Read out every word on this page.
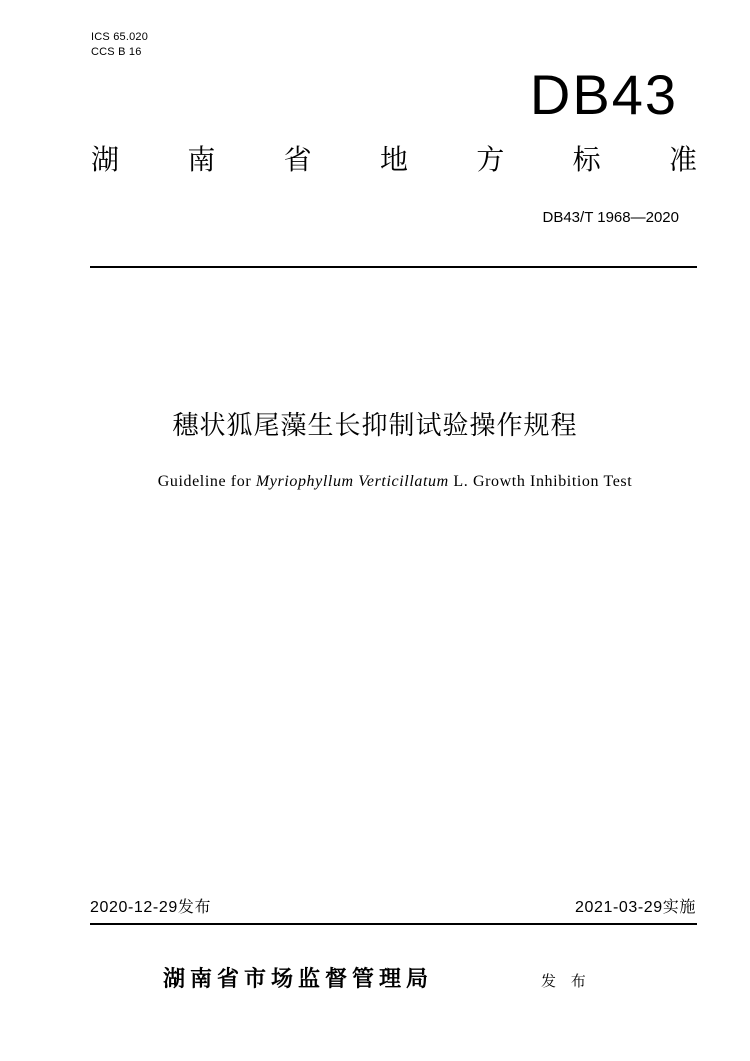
ICS 65.020
CCS B 16
DB43
湖 南 省 地 方 标 准
DB43/T 1968—2020
穗状狐尾藻生长抑制试验操作规程
Guideline for Myriophyllum Verticillatum L. Growth Inhibition Test
2020-12-29发布	2021-03-29实施
湖南省市场监督管理局	发 布
